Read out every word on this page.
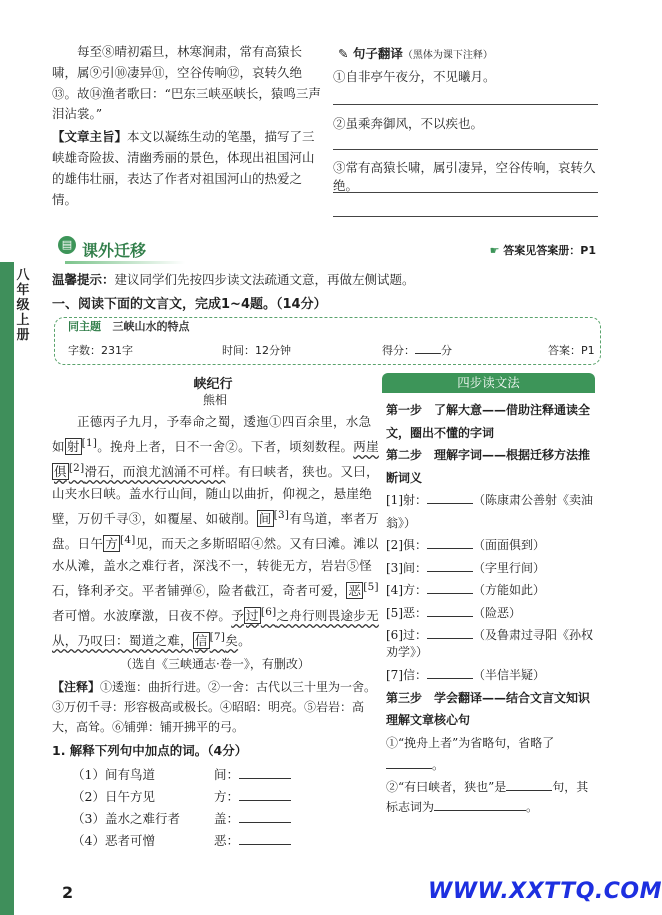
八年级上册

每至⑧晴初霜旦，林寒涧肃，常有高猿长啸，属⑨引⑩凄异⑪，空谷传响⑫，哀转久绝⑬。故⑭渔者歌曰：“巴东三峡巫峡长，猿鸣三声泪沾裳。”

【文章主旨】本文以凝练生动的笔墨，描写了三峡雄奇险拔、清幽秀丽的景色，体现出祖国河山的雄伟壮丽，表达了作者对祖国河山的热爱之情。
✎ 句子翻译（黑体为课下注释）
①自非亭午夜分，不见曦月。
②虽乘奔御风，不以疾也。
③常有高猿长啸，属引凄异，空谷传响，哀转久绝。
▤ 课外迁移	☛ 答案见答案册：P1
温馨提示：建议同学们先按四步读文法疏通文意，再做左侧试题。
一、阅读下面的文言文，完成1~4题。（14分）
同主题 三峡山水的特点
字数：231字	时间：12分钟	得分： 分	答案：P1
峡纪行
熊相

正德丙子九月，予奉命之蜀，逶迤①四百余里，水急如 射 [1]。挽舟上者，日不一舍②。下者，顷刻数程。两崖俱 [2]滑石，而浪尤汹涌不可样。有曰峡者，狭也。又曰，山夹水曰峡。盖水行山间，随山以曲折，仰视之，悬崖绝壁，万仞千寻③，如覆屋、如破削。 间 [3]有鸟道，率者万盘。日午 方 [4]见，而天之多斯昭昭④然。又有曰滩。滩以水从滩，盖水之难行者，深浅不一，转徙无方，岩岩⑤怪石，锋利矛交。平者铺弹⑥，险者截江，奇者可爱， 恶 [5]者可憎。水波摩激，日夜不停。予 过 [6]之舟行则畏途步无从，乃叹曰：蜀道之难， 信 [7]矣。

（选自《三峡通志·卷一》，有删改）
【注释】①逶迤：曲折行进。②一舍：古代以三十里为一舍。③万仞千寻：形容极高或极长。④昭昭：明亮。⑤岩岩：高大，高耸。⑥铺弹：铺开拂平的弓。
1. 解释下列句中加点的词。（4分）
（1）间有鸟道	间：
（2）日午方见	方：
（3）盖水之难行者	盖：
（4）恶者可憎	恶：
四步读文法
第一步　了解大意——借助注释通读全文，圈出不懂的字词
第二步　理解字词——根据迁移方法推断词义
[1]射：	（陈康肃公善射《卖油翁》）
[2]俱：	（面面俱到）
[3]间：	（字里行间）
[4]方：	（方能如此）
[5]恶：	（险恶）
[6]过：	（及鲁肃过寻阳《孙权劝学》）
[7]信：	（半信半疑）
第三步　学会翻译——结合文言文知识理解文章核心句
①“挽舟上者”为省略句，省略了。
②“有曰峡者，狭也”是	句，其标志词为	。
2	WWW.XXTTQ.COM
